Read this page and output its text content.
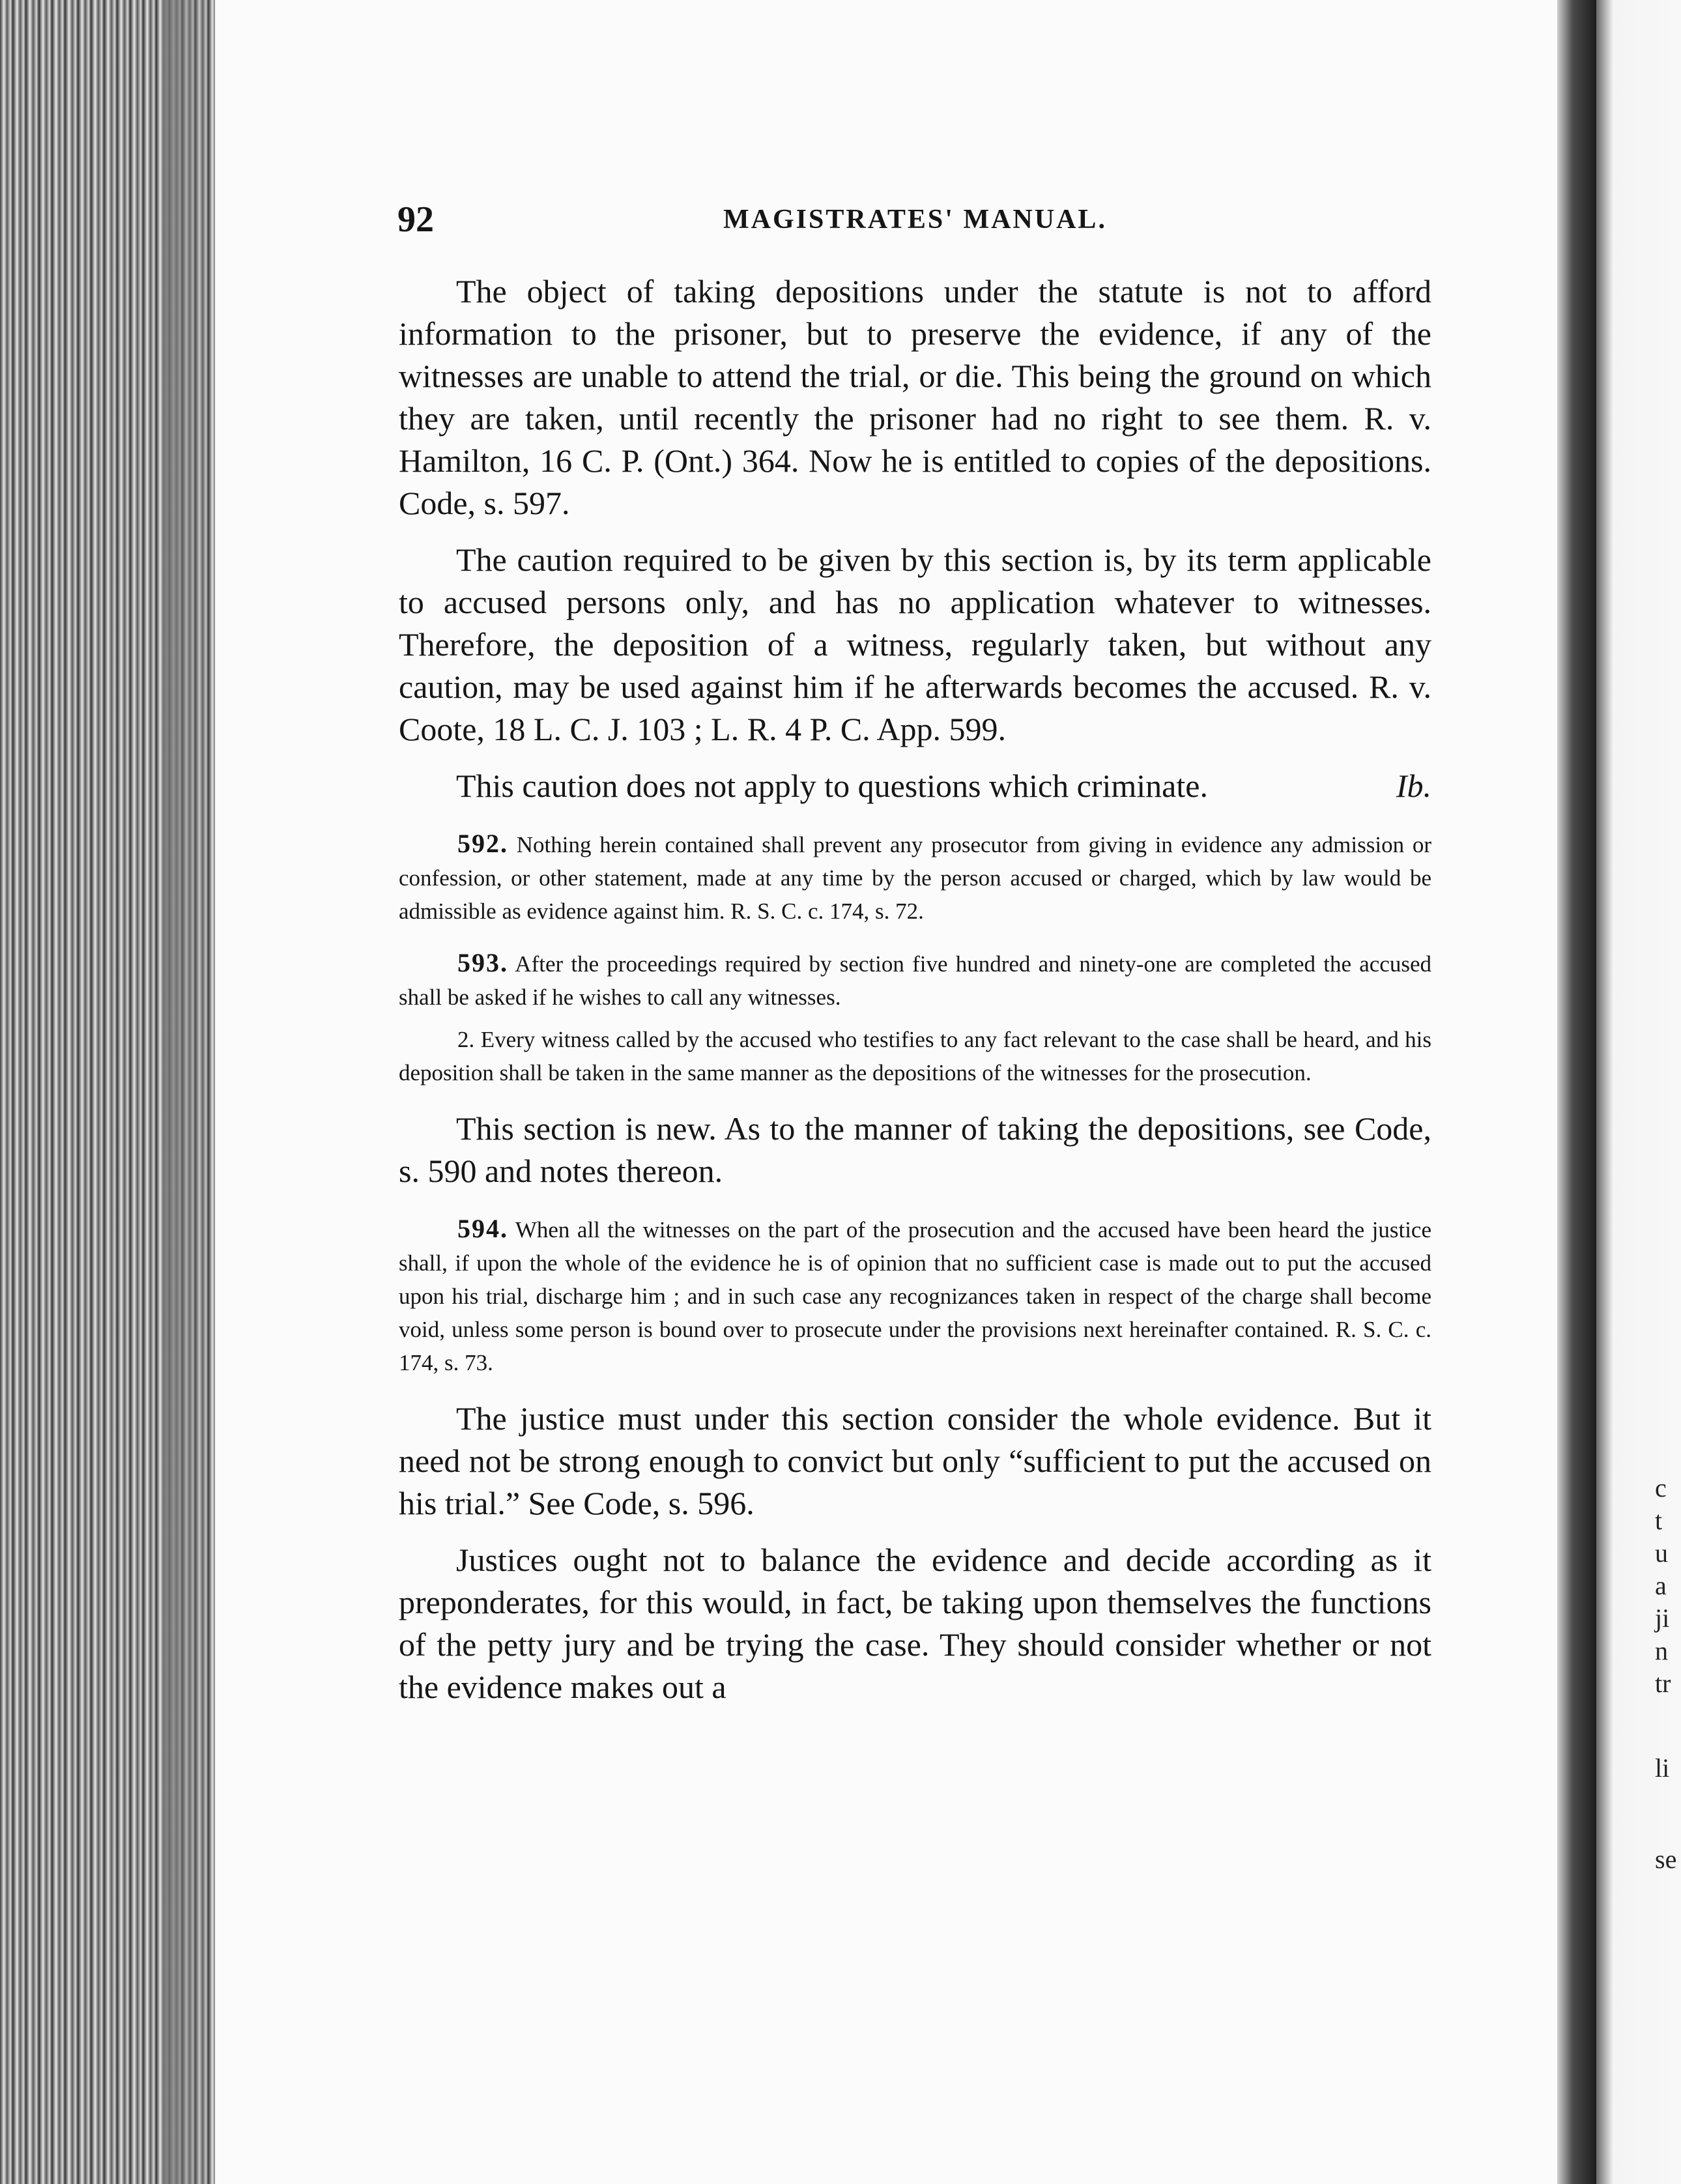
c
t
u
a
ji
n
tr
li
se
92	MAGISTRATES' MANUAL.

The object of taking depositions under the statute is not to afford information to the prisoner, but to preserve the evidence, if any of the witnesses are unable to attend the trial, or die. This being the ground on which they are taken, until recently the prisoner had no right to see them. R. v. Hamilton, 16 C. P. (Ont.) 364. Now he is entitled to copies of the depositions. Code, s. 597.

The caution required to be given by this section is, by its term applicable to accused persons only, and has no application whatever to witnesses. Therefore, the deposition of a witness, regularly taken, but without any caution, may be used against him if he afterwards becomes the accused. R. v. Coote, 18 L. C. J. 103 ; L. R. 4 P. C. App. 599.

This caution does not apply to questions which criminate.	Ib.

592. Nothing herein contained shall prevent any prosecutor from giving in evidence any admission or confession, or other statement, made at any time by the person accused or charged, which by law would be admissible as evidence against him. R. S. C. c. 174, s. 72.

593. After the proceedings required by section five hundred and ninety-one are completed the accused shall be asked if he wishes to call any witnesses.

2. Every witness called by the accused who testifies to any fact relevant to the case shall be heard, and his deposition shall be taken in the same manner as the depositions of the witnesses for the prosecution.

This section is new. As to the manner of taking the depositions, see Code, s. 590 and notes thereon.

594. When all the witnesses on the part of the prosecution and the accused have been heard the justice shall, if upon the whole of the evidence he is of opinion that no sufficient case is made out to put the accused upon his trial, discharge him ; and in such case any recognizances taken in respect of the charge shall become void, unless some person is bound over to prosecute under the provisions next hereinafter contained. R. S. C. c. 174, s. 73.

The justice must under this section consider the whole evidence. But it need not be strong enough to convict but only “sufficient to put the accused on his trial.” See Code, s. 596.

Justices ought not to balance the evidence and decide according as it preponderates, for this would, in fact, be taking upon themselves the functions of the petty jury and be trying the case. They should consider whether or not the evidence makes out a
